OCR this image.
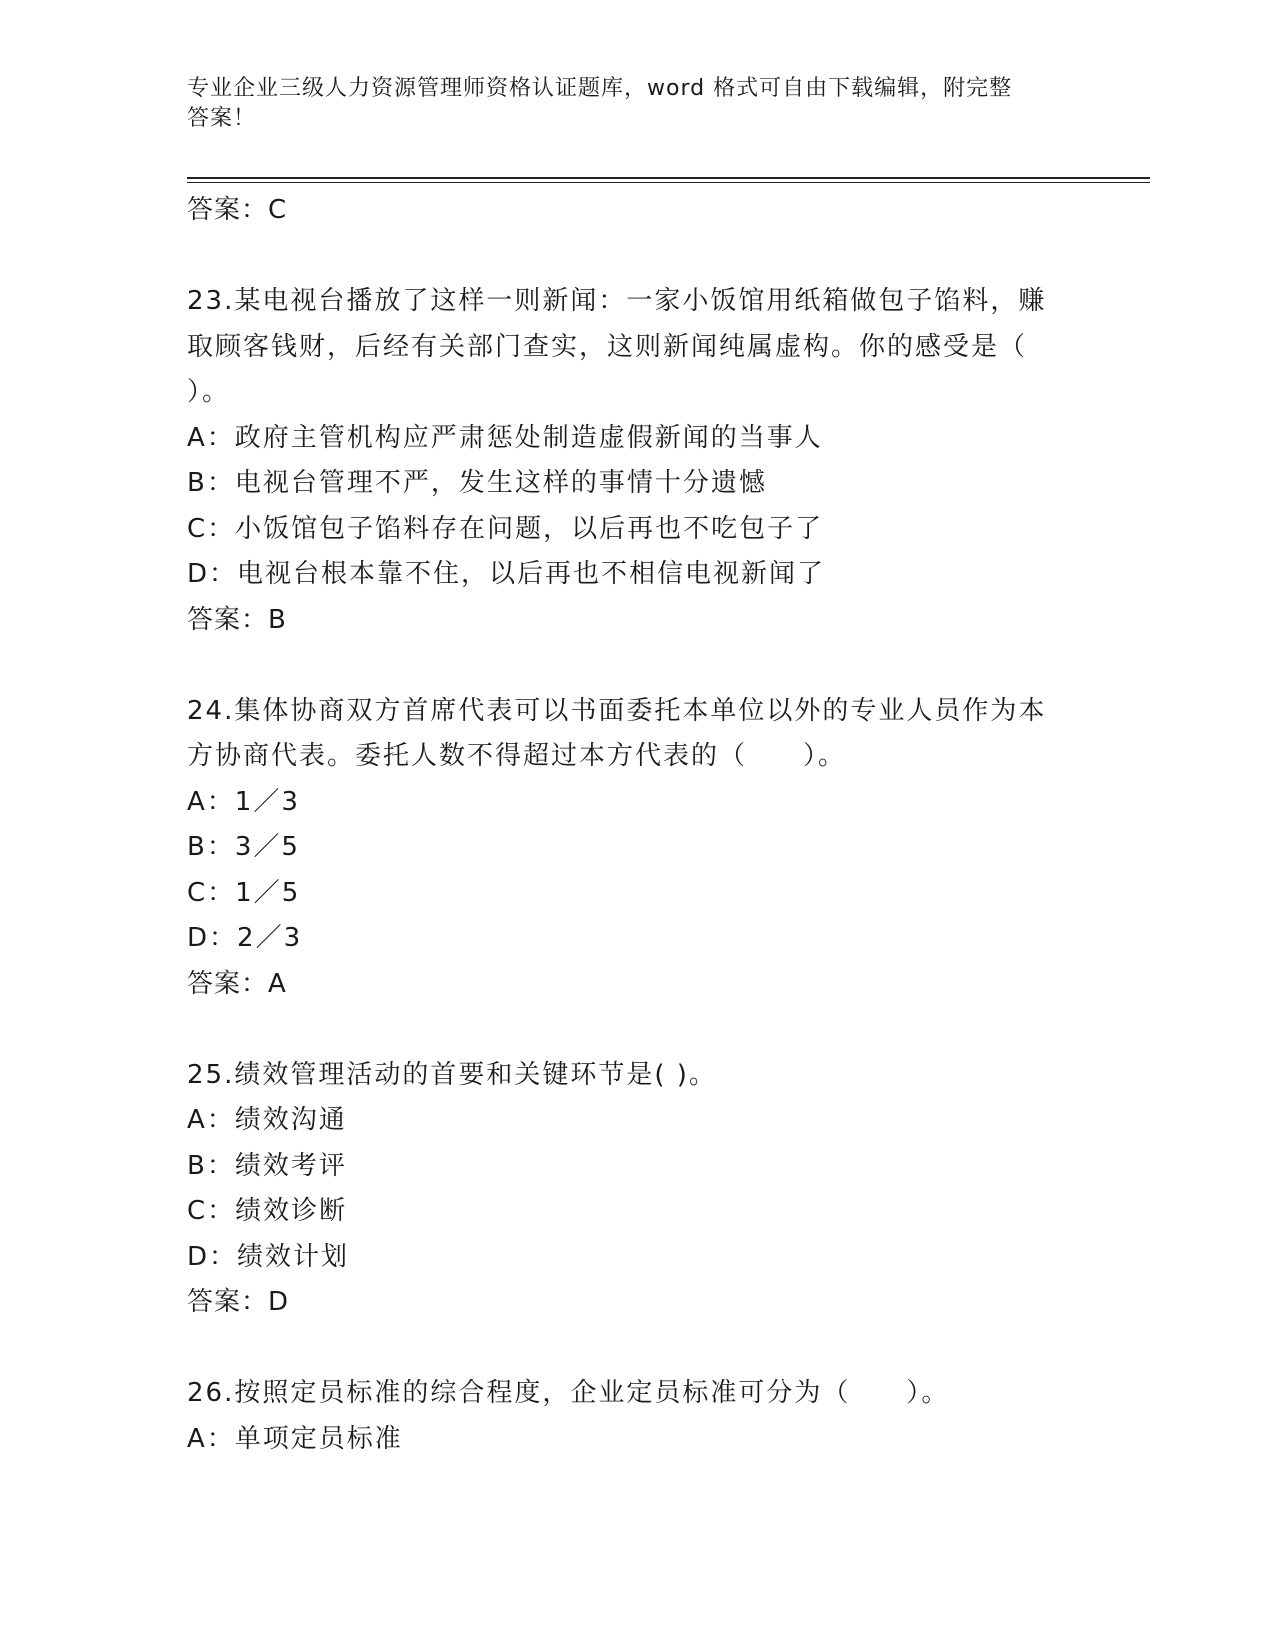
专业企业三级人力资源管理师资格认证题库，word 格式可自由下载编辑，附完整
答案！
答案：C
23.某电视台播放了这样一则新闻：一家小饭馆用纸箱做包子馅料，赚
取顾客钱财，后经有关部门查实，这则新闻纯属虚构。你的感受是（
）。
A：政府主管机构应严肃惩处制造虚假新闻的当事人
B：电视台管理不严，发生这样的事情十分遗憾
C：小饭馆包子馅料存在问题，以后再也不吃包子了
D：电视台根本靠不住，以后再也不相信电视新闻了
答案：B
24.集体协商双方首席代表可以书面委托本单位以外的专业人员作为本
方协商代表。委托人数不得超过本方代表的（　　）。
A：1／3
B：3／5
C：1／5
D：2／3
答案：A
25.绩效管理活动的首要和关键环节是( )。
A：绩效沟通
B：绩效考评
C：绩效诊断
D：绩效计划
答案：D
26.按照定员标准的综合程度，企业定员标准可分为（　　）。
A：单项定员标准
